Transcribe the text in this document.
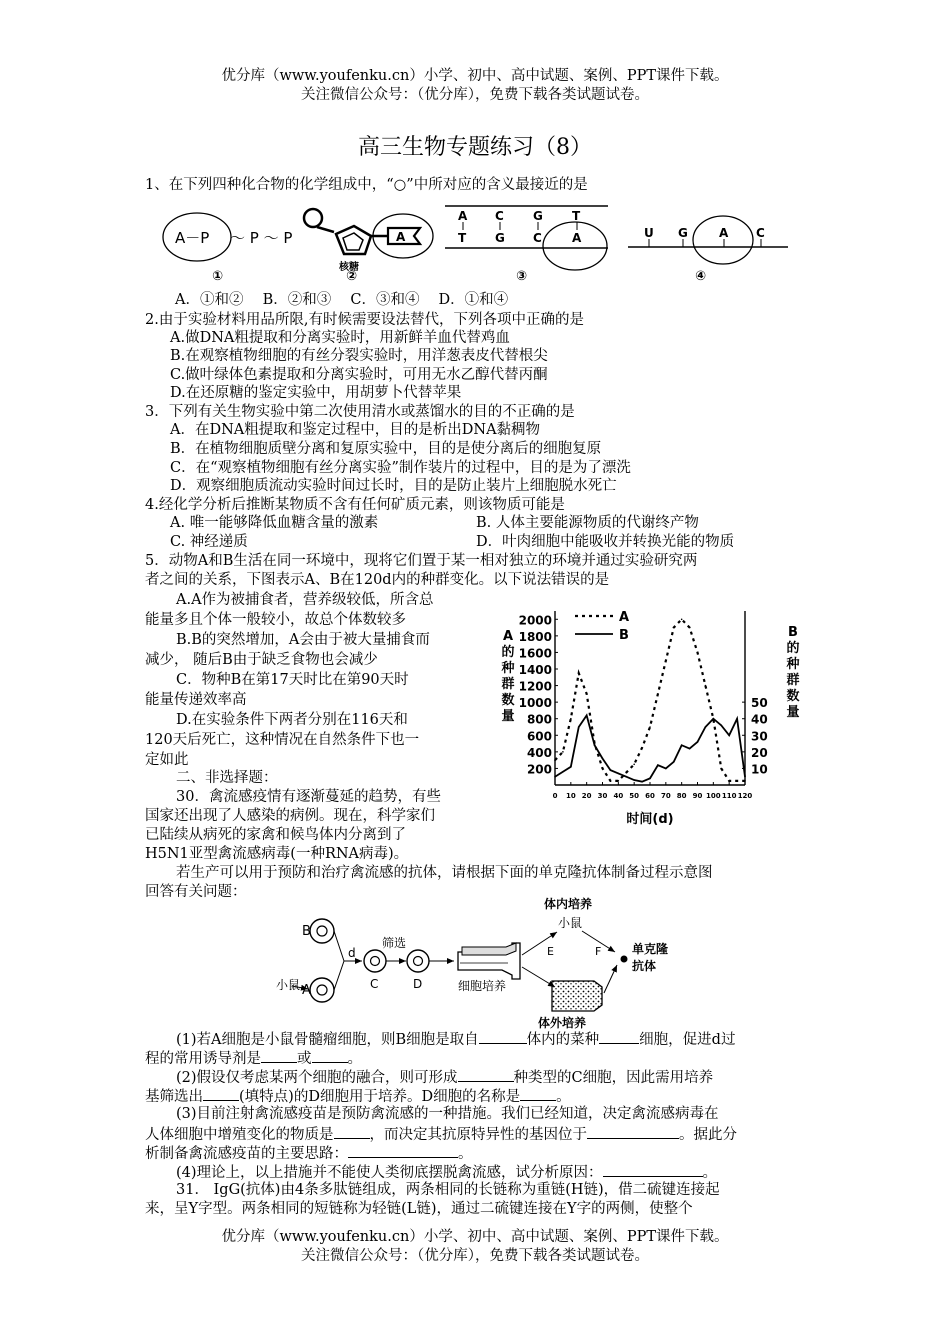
优分库（www.youfenku.cn）小学、初中、高中试题、案例、PPT课件下载。
关注微信公众号：（优分库），免费下载各类试题试卷。
高三生物专题练习（8）
1、在下列四种化合物的化学组成中，“○”中所对应的含义最接近的是
A－P ～ P ～ P
①
A
核糖
②
A C G T
T G C	A
③
U G	A C
④
A．①和②　 B．②和③　 C．③和④　 D．①和④
2.由于实验材料用品所限,有时候需要设法替代，下列各项中正确的是
A.做DNA粗提取和分离实验时，用新鲜羊血代替鸡血
B.在观察植物细胞的有丝分裂实验时，用洋葱表皮代替根尖
C.做叶绿体色素提取和分离实验时，可用无水乙醇代替丙酮
D.在还原糖的鉴定实验中，用胡萝卜代替苹果
3．下列有关生物实验中第二次使用清水或蒸馏水的目的不正确的是
A．在DNA粗提取和鉴定过程中，目的是析出DNA黏稠物
B．在植物细胞质壁分离和复原实验中，目的是使分离后的细胞复原
C．在“观察植物细胞有丝分离实验”制作装片的过程中，目的是为了漂洗
D．观察细胞质流动实验时间过长时，目的是防止装片上细胞脱水死亡
4.经化学分析后推断某物质不含有任何矿质元素，则该物质可能是
A. 唯一能够降低血糖含量的激素	B. 人体主要能源物质的代谢终产物
C. 神经递质	D．叶肉细胞中能吸收并转换光能的物质
5．动物A和B生活在同一环境中，现将它们置于某一相对独立的环境并通过实验研究两
者之间的关系，下图表示A、B在120d内的种群变化。以下说法错误的是
A.A作为被捕食者，营养级较低，所含总
能量多且个体一般较小，故总个体数较多
B.B的突然增加，A会由于被大量捕食而
减少， 随后B由于缺乏食物也会减少
C．物种B在第17天时比在第90天时
能量传递效率高
D.在实验条件下两者分别在116天和
120天后死亡，这种情况在自然条件下也一
定如此
0 10 20 30 40 50 60 70 80 90 100 110 120
200
400
600
800
1000
1200
1400
1600
1800
2000
10
20
30
40
50
时间(d)
A 的种群数量
B 的种群数量
A
B
二、非选择题：
30．禽流感疫情有逐渐蔓延的趋势，有些
国家还出现了人感染的病例。现在，科学家们
已陆续从病死的家禽和候鸟体内分离到了
H5N1亚型禽流感病毒(一种RNA病毒)。
若生产可以用于预防和治疗禽流感的抗体，请根据下面的单克隆抗体制备过程示意图
回答有关问题：
B
A
小鼠
d
C
筛选
D	细胞培养
E
体内培养
小鼠
F
体外培养
单克隆 抗体
(1)若A细胞是小鼠骨髓瘤细胞，则B细胞是取自	体内的菜种	细胞，促进d过
程的常用诱导剂是 或 。
(2)假设仅考虑某两个细胞的融合，则可形成	种类型的C细胞，因此需用培养
基筛选出 (填特点)的D细胞用于培养。D细胞的名称是 。
(3)目前注射禽流感疫苗是预防禽流感的一种措施。我们已经知道，决定禽流感病毒在
人体细胞中增殖变化的物质是 ，而决定其抗原特异性的基因位于	。据此分
析制备禽流感疫苗的主要思路：	。
(4)理论上，以上措施并不能使人类彻底摆脱禽流感，试分析原因：	。
31． IgG(抗体)由4条多肽链组成，两条相同的长链称为重链(H链)，借二硫键连接起
来，呈Y字型。两条相同的短链称为轻链(L链)，通过二硫键连接在Y字的两侧，使整个
优分库（www.youfenku.cn）小学、初中、高中试题、案例、PPT课件下载。
关注微信公众号：（优分库），免费下载各类试题试卷。
